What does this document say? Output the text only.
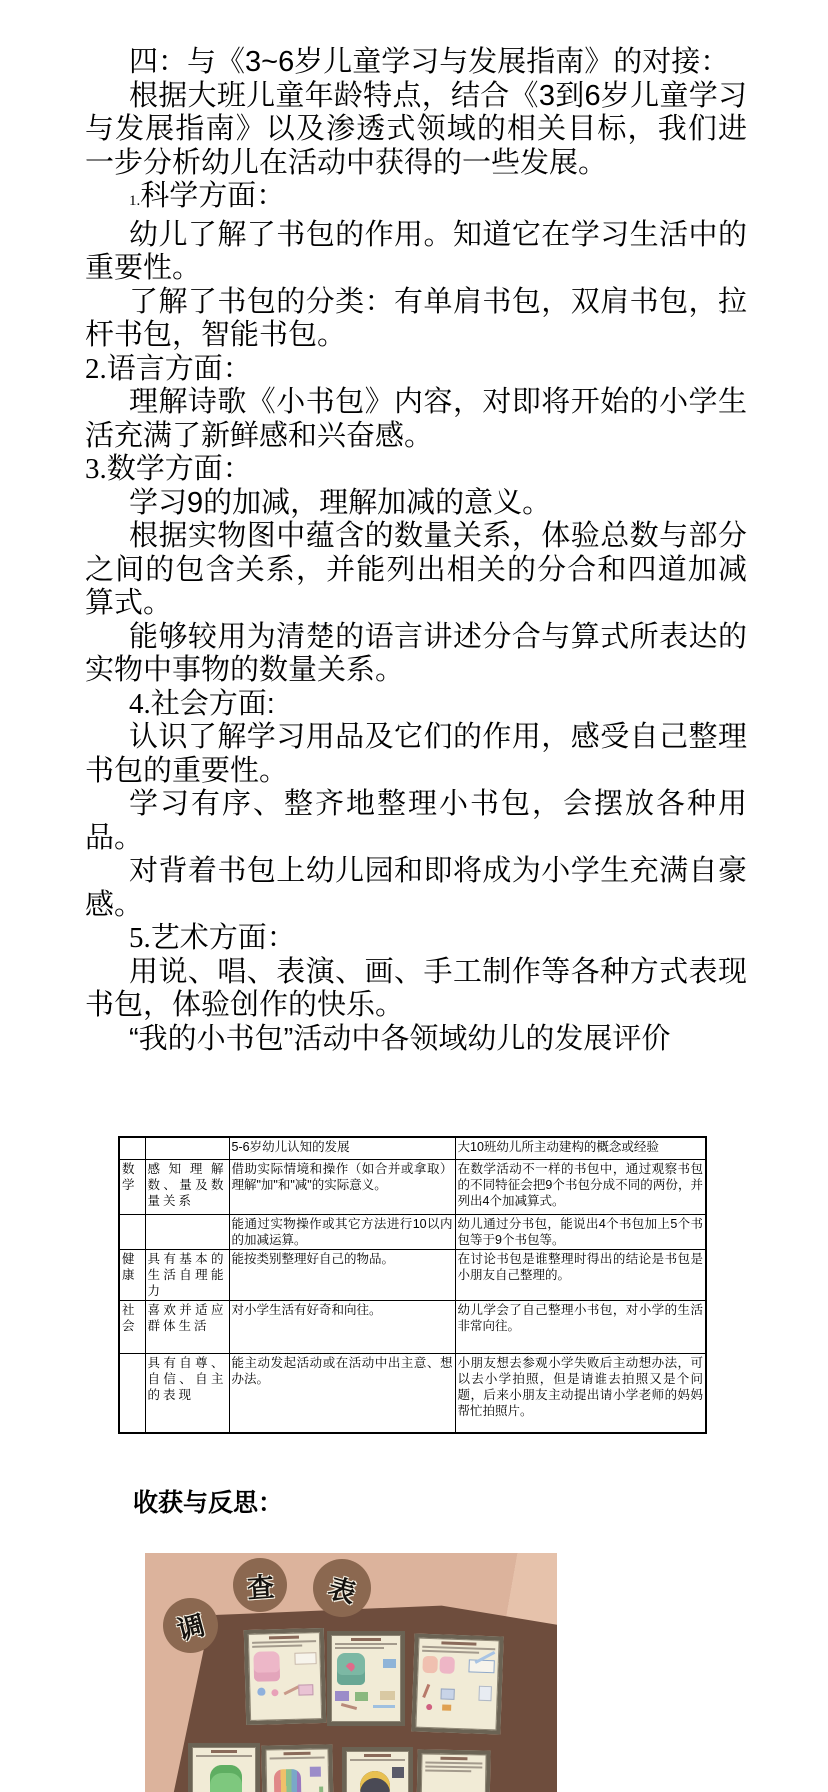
四：与《3~6岁儿童学习与发展指南》的对接：

根据大班儿童年龄特点，结合《3到6岁儿童学习与发展指南》以及渗透式领域的相关目标，我们进一步分析幼儿在活动中获得的一些发展。

1.科学方面：

幼儿了解了书包的作用。知道它在学习生活中的重要性。

了解了书包的分类：有单肩书包，双肩书包，拉杆书包，智能书包。

2.语言方面：

理解诗歌《小书包》内容，对即将开始的小学生活充满了新鲜感和兴奋感。

3.数学方面：

学习9的加减，理解加减的意义。

根据实物图中蕴含的数量关系，体验总数与部分之间的包含关系，并能列出相关的分合和四道加减算式。

能够较用为清楚的语言讲述分合与算式所表达的实物中事物的数量关系。

4.社会方面:

认识了解学习用品及它们的作用，感受自己整理书包的重要性。

学习有序、整齐地整理小书包，会摆放各种用品。

对背着书包上幼儿园和即将成为小学生充满自豪感。

5.艺术方面：

用说、唱、表演、画、手工制作等各种方式表现书包，体验创作的快乐。

“我的小书包”活动中各领域幼儿的发展评价

		5-6岁幼儿认知的发展	大10班幼儿所主动建构的概念或经验
数学	感知理解数、量及数量关系	借助实际情境和操作（如合并或拿取）理解"加"和"减"的实际意义。	在数学活动不一样的书包中，通过观察书包的不同特征会把9个书包分成不同的两份，并列出4个加减算式。
		能通过实物操作或其它方法进行10以内的加减运算。	幼儿通过分书包，能说出4个书包加上5个书包等于9个书包等。
健康	具有基本的生活自理能力	能按类别整理好自己的物品。	在讨论书包是谁整理时得出的结论是书包是小朋友自己整理的。
社会	喜欢并适应群体生活	对小学生活有好奇和向往。	幼儿学会了自己整理小书包，对小学的生活非常向往。
	具有自尊、自信、自主的表现	能主动发起活动或在活动中出主意、想办法。	小朋友想去参观小学失败后主动想办法，可以去小学拍照，但是请谁去拍照又是个问题，后来小朋友主动提出请小学老师的妈妈帮忙拍照片。
收获与反思：
调
查 表
